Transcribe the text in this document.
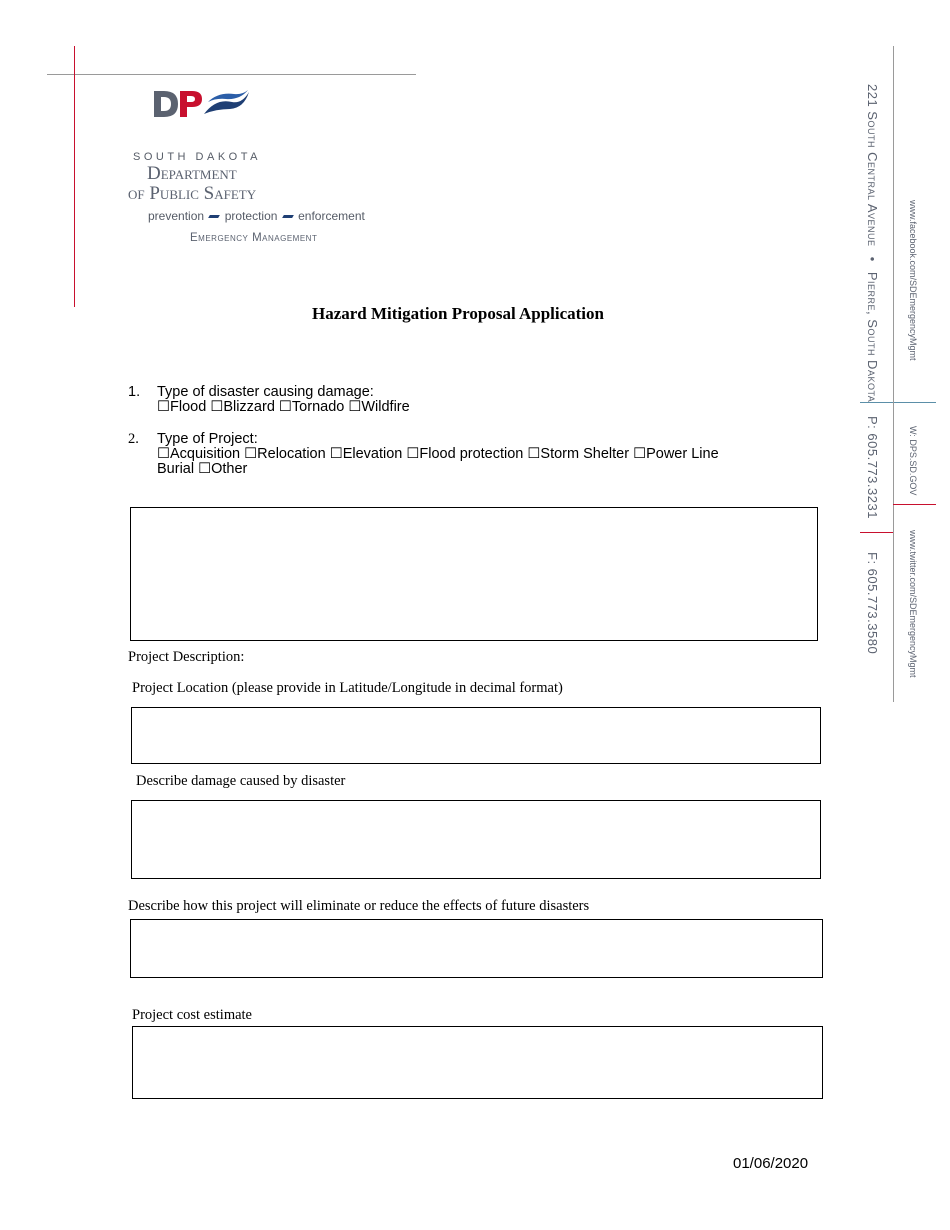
SOUTH DAKOTA
Department
of Public Safety
prevention protection enforcement
Emergency Management	221 South Central Avenue • Pierre, South Dakota
P: 605.773.3231
F: 605.773.3580
www.facebook.com/SDEmergencyMgmt
W: DPS.SD.GOV
www.twitter.com/SDEmergencyMgmt
Hazard Mitigation Proposal Application
1. Type of disaster causing damage:
☐Flood ☐Blizzard ☐Tornado ☐Wildfire
2. Type of Project:
☐Acquisition ☐Relocation ☐Elevation ☐Flood protection ☐Storm Shelter ☐Power Line
Burial ☐Other
Project Description:
Project Location (please provide in Latitude/Longitude in decimal format)
Describe damage caused by disaster
Describe how this project will eliminate or reduce the effects of future disasters
Project cost estimate
01/06/2020
